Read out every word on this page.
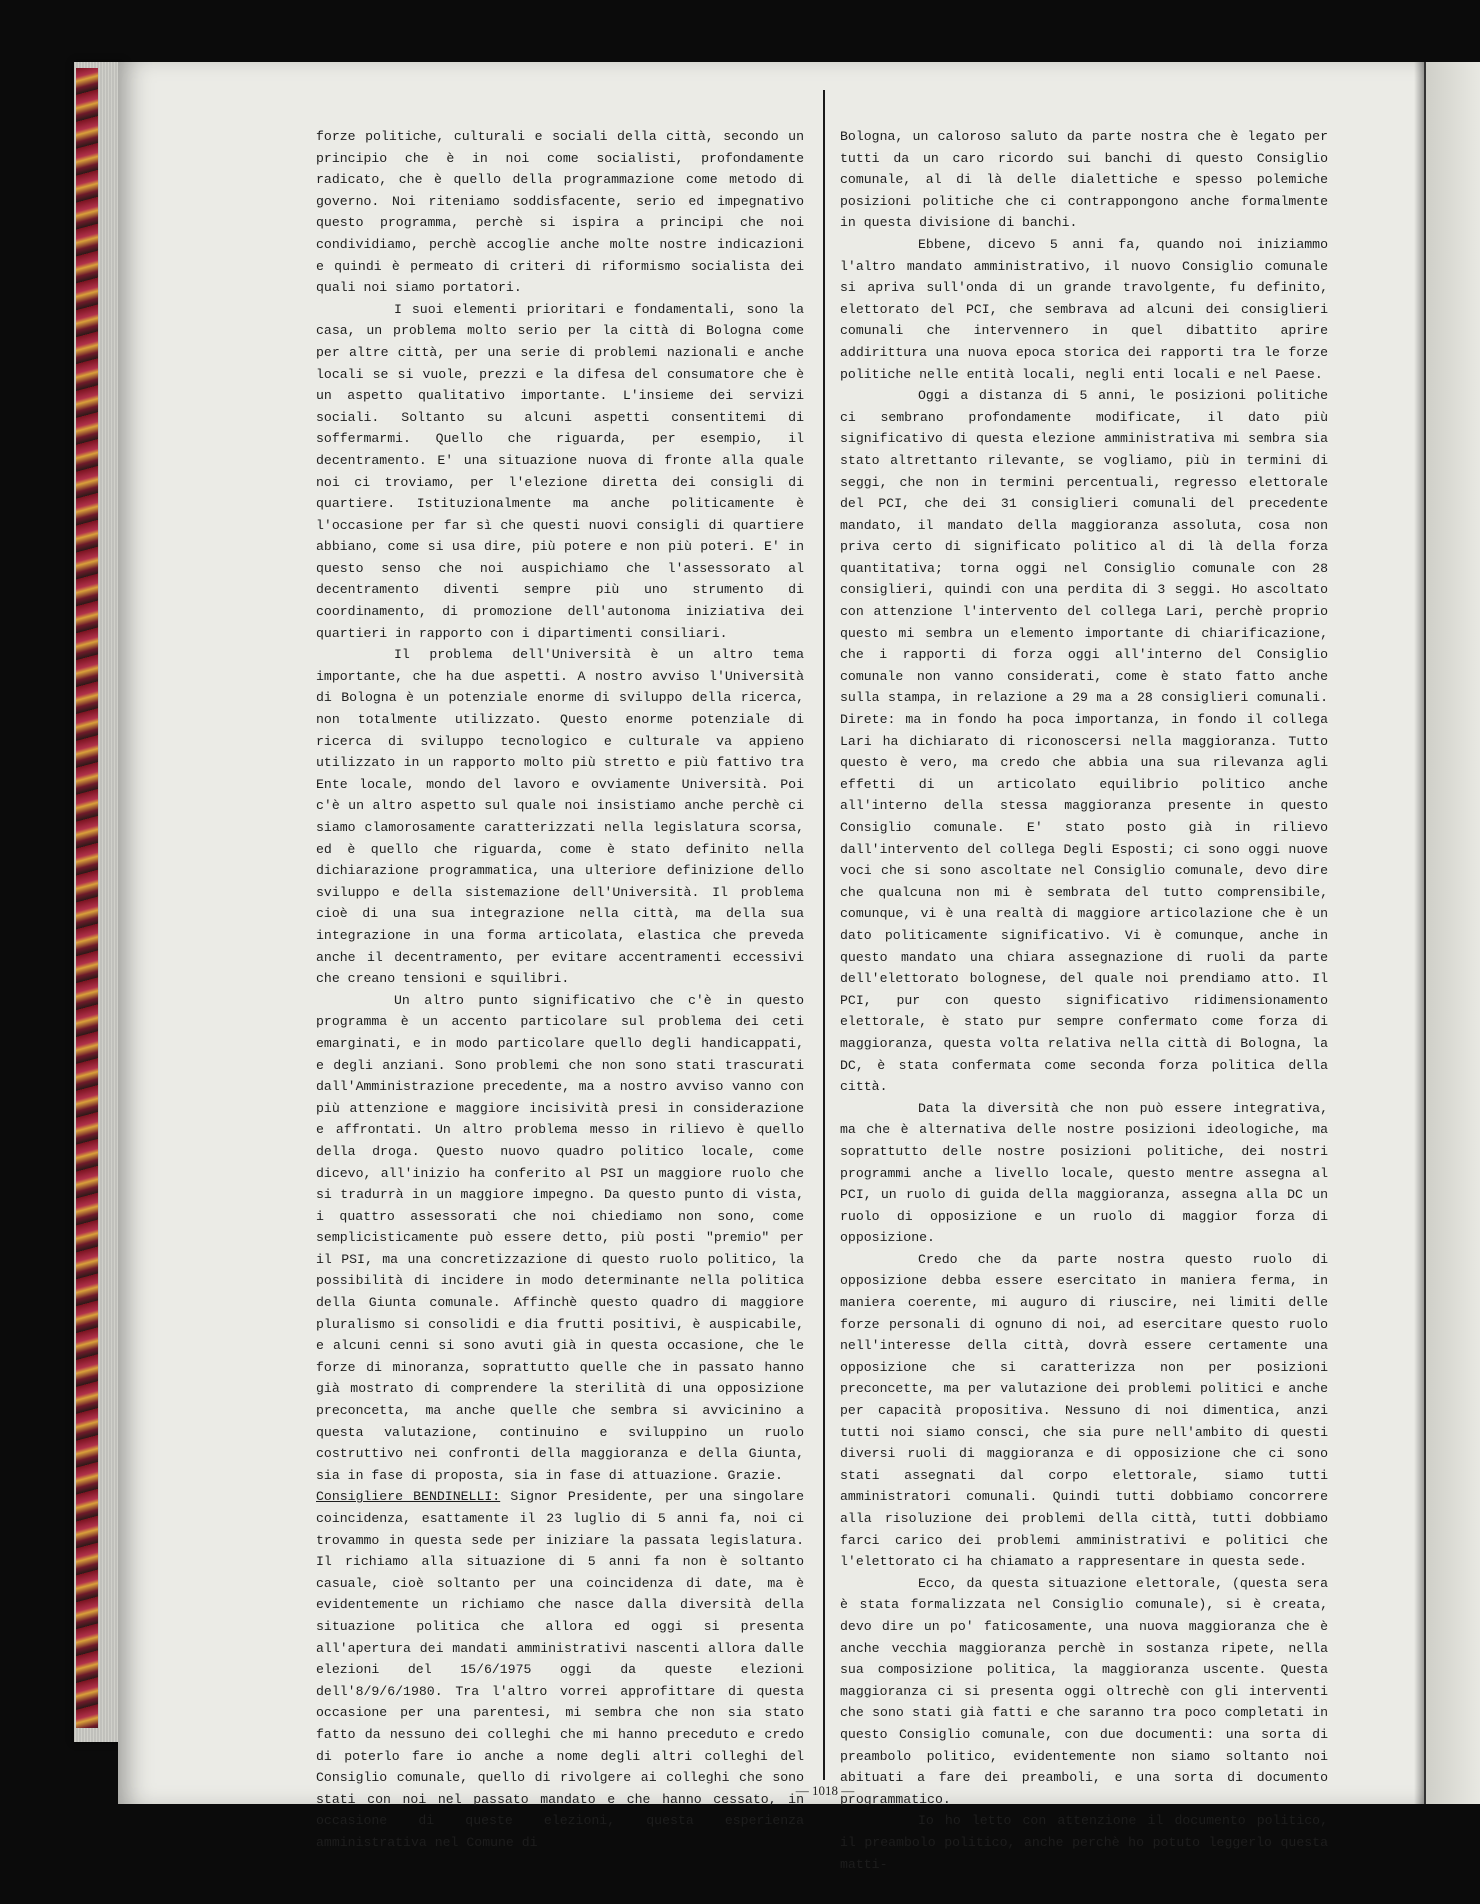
forze politiche, culturali e sociali della città, secondo un principio che è in noi come socialisti, profondamente radicato, che è quello della programmazione come metodo di governo. Noi riteniamo soddisfacente, serio ed impegnativo questo programma, perchè si ispira a principi che noi condividiamo, perchè accoglie anche molte nostre indicazioni e quindi è permeato di criteri di riformismo socialista dei quali noi siamo portatori.

I suoi elementi prioritari e fondamentali, sono la casa, un problema molto serio per la città di Bologna come per altre città, per una serie di problemi nazionali e anche locali se si vuole, prezzi e la difesa del consumatore che è un aspetto qualitativo importante. L'insieme dei servizi sociali. Soltanto su alcuni aspetti consentitemi di soffermarmi. Quello che riguarda, per esempio, il decentramento. E' una situazione nuova di fronte alla quale noi ci troviamo, per l'elezione diretta dei consigli di quartiere. Istituzionalmente ma anche politicamente è l'occasione per far sì che questi nuovi consigli di quartiere abbiano, come si usa dire, più potere e non più poteri. E' in questo senso che noi auspichiamo che l'assessorato al decentramento diventi sempre più uno strumento di coordinamento, di promozione dell'autonoma iniziativa dei quartieri in rapporto con i dipartimenti consiliari.

Il problema dell'Università è un altro tema importante, che ha due aspetti. A nostro avviso l'Università di Bologna è un potenziale enorme di sviluppo della ricerca, non totalmente utilizzato. Questo enorme potenziale di ricerca di sviluppo tecnologico e culturale va appieno utilizzato in un rapporto molto più stretto e più fattivo tra Ente locale, mondo del lavoro e ovviamente Università. Poi c'è un altro aspetto sul quale noi insistiamo anche perchè ci siamo clamorosamente caratterizzati nella legislatura scorsa, ed è quello che riguarda, come è stato definito nella dichiarazione programmatica, una ulteriore definizione dello sviluppo e della sistemazione dell'Università. Il problema cioè di una sua integrazione nella città, ma della sua integrazione in una forma articolata, elastica che preveda anche il decentramento, per evitare accentramenti eccessivi che creano tensioni e squilibri.

Un altro punto significativo che c'è in questo programma è un accento particolare sul problema dei ceti emarginati, e in modo particolare quello degli handicappati, e degli anziani. Sono problemi che non sono stati trascurati dall'Amministrazione precedente, ma a nostro avviso vanno con più attenzione e maggiore incisività presi in considerazione e affrontati. Un altro problema messo in rilievo è quello della droga. Questo nuovo quadro politico locale, come dicevo, all'inizio ha conferito al PSI un maggiore ruolo che si tradurrà in un maggiore impegno. Da questo punto di vista, i quattro assessorati che noi chiediamo non sono, come semplicisticamente può essere detto, più posti "premio" per il PSI, ma una concretizzazione di questo ruolo politico, la possibilità di incidere in modo determinante nella politica della Giunta comunale. Affinchè questo quadro di maggiore pluralismo si consolidi e dia frutti positivi, è auspicabile, e alcuni cenni si sono avuti già in questa occasione, che le forze di minoranza, soprattutto quelle che in passato hanno già mostrato di comprendere la sterilità di una opposizione preconcetta, ma anche quelle che sembra si avvicinino a questa valutazione, continuino e sviluppino un ruolo costruttivo nei confronti della maggioranza e della Giunta, sia in fase di proposta, sia in fase di attuazione. Grazie.

Consigliere BENDINELLI: Signor Presidente, per una singolare coincidenza, esattamente il 23 luglio di 5 anni fa, noi ci trovammo in questa sede per iniziare la passata legislatura. Il richiamo alla situazione di 5 anni fa non è soltanto casuale, cioè soltanto per una coincidenza di date, ma è evidentemente un richiamo che nasce dalla diversità della situazione politica che allora ed oggi si presenta all'apertura dei mandati amministrativi nascenti allora dalle elezioni del 15/6/1975 oggi da queste elezioni dell'8/9/6/1980. Tra l'altro vorrei approfittare di questa occasione per una parentesi, mi sembra che non sia stato fatto da nessuno dei colleghi che mi hanno preceduto e credo di poterlo fare io anche a nome degli altri colleghi del Consiglio comunale, quello di rivolgere ai colleghi che sono stati con noi nel passato mandato e che hanno cessato, in occasione di queste elezioni, questa esperienza amministrativa nel Comune di

Bologna, un caloroso saluto da parte nostra che è legato per tutti da un caro ricordo sui banchi di questo Consiglio comunale, al di là delle dialettiche e spesso polemiche posizioni politiche che ci contrappongono anche formalmente in questa divisione di banchi.

Ebbene, dicevo 5 anni fa, quando noi iniziammo l'altro mandato amministrativo, il nuovo Consiglio comunale si apriva sull'onda di un grande travolgente, fu definito, elettorato del PCI, che sembrava ad alcuni dei consiglieri comunali che intervennero in quel dibattito aprire addirittura una nuova epoca storica dei rapporti tra le forze politiche nelle entità locali, negli enti locali e nel Paese.

Oggi a distanza di 5 anni, le posizioni politiche ci sembrano profondamente modificate, il dato più significativo di questa elezione amministrativa mi sembra sia stato altrettanto rilevante, se vogliamo, più in termini di seggi, che non in termini percentuali, regresso elettorale del PCI, che dei 31 consiglieri comunali del precedente mandato, il mandato della maggioranza assoluta, cosa non priva certo di significato politico al di là della forza quantitativa; torna oggi nel Consiglio comunale con 28 consiglieri, quindi con una perdita di 3 seggi. Ho ascoltato con attenzione l'intervento del collega Lari, perchè proprio questo mi sembra un elemento importante di chiarificazione, che i rapporti di forza oggi all'interno del Consiglio comunale non vanno considerati, come è stato fatto anche sulla stampa, in relazione a 29 ma a 28 consiglieri comunali. Direte: ma in fondo ha poca importanza, in fondo il collega Lari ha dichiarato di riconoscersi nella maggioranza. Tutto questo è vero, ma credo che abbia una sua rilevanza agli effetti di un articolato equilibrio politico anche all'interno della stessa maggioranza presente in questo Consiglio comunale. E' stato posto già in rilievo dall'intervento del collega Degli Esposti; ci sono oggi nuove voci che si sono ascoltate nel Consiglio comunale, devo dire che qualcuna non mi è sembrata del tutto comprensibile, comunque, vi è una realtà di maggiore articolazione che è un dato politicamente significativo. Vi è comunque, anche in questo mandato una chiara assegnazione di ruoli da parte dell'elettorato bolognese, del quale noi prendiamo atto. Il PCI, pur con questo significativo ridimensionamento elettorale, è stato pur sempre confermato come forza di maggioranza, questa volta relativa nella città di Bologna, la DC, è stata confermata come seconda forza politica della città.

Data la diversità che non può essere integrativa, ma che è alternativa delle nostre posizioni ideologiche, ma soprattutto delle nostre posizioni politiche, dei nostri programmi anche a livello locale, questo mentre assegna al PCI, un ruolo di guida della maggioranza, assegna alla DC un ruolo di opposizione e un ruolo di maggior forza di opposizione.

Credo che da parte nostra questo ruolo di opposizione debba essere esercitato in maniera ferma, in maniera coerente, mi auguro di riuscire, nei limiti delle forze personali di ognuno di noi, ad esercitare questo ruolo nell'interesse della città, dovrà essere certamente una opposizione che si caratterizza non per posizioni preconcette, ma per valutazione dei problemi politici e anche per capacità propositiva. Nessuno di noi dimentica, anzi tutti noi siamo consci, che sia pure nell'ambito di questi diversi ruoli di maggioranza e di opposizione che ci sono stati assegnati dal corpo elettorale, siamo tutti amministratori comunali. Quindi tutti dobbiamo concorrere alla risoluzione dei problemi della città, tutti dobbiamo farci carico dei problemi amministrativi e politici che l'elettorato ci ha chiamato a rappresentare in questa sede.

Ecco, da questa situazione elettorale, (questa sera è stata formalizzata nel Consiglio comunale), si è creata, devo dire un po' faticosamente, una nuova maggioranza che è anche vecchia maggioranza perchè in sostanza ripete, nella sua composizione politica, la maggioranza uscente. Questa maggioranza ci si presenta oggi oltrechè con gli interventi che sono stati già fatti e che saranno tra poco completati in questo Consiglio comunale, con due documenti: una sorta di preambolo politico, evidentemente non siamo soltanto noi abituati a fare dei preamboli, e una sorta di documento programmatico.

Io ho letto con attenzione il documento politico, il preambolo politico, anche perchè ho potuto leggerlo questa matti-

— 1018 —
